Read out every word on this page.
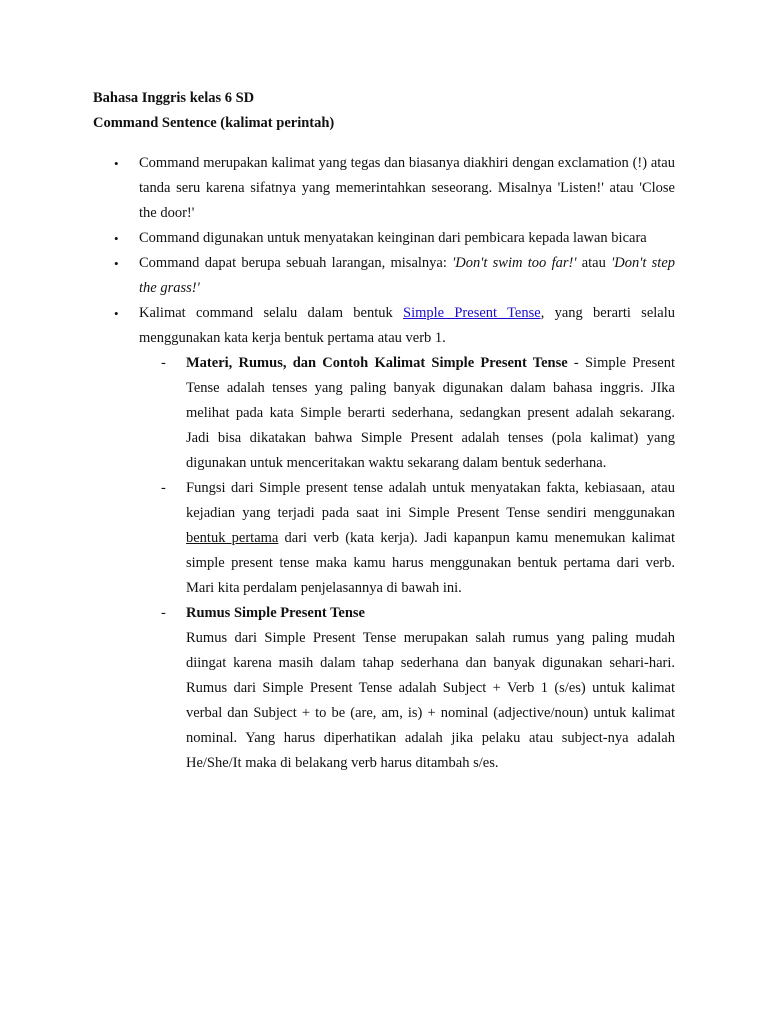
Bahasa Inggris kelas 6 SD
Command Sentence (kalimat perintah)
• Command merupakan kalimat yang tegas dan biasanya diakhiri dengan exclamation (!) atau tanda seru karena sifatnya yang memerintahkan seseorang. Misalnya 'Listen!' atau 'Close the door!'
• Command digunakan untuk menyatakan keinginan dari pembicara kepada lawan bicara
• Command dapat berupa sebuah larangan, misalnya: 'Don't swim too far!' atau 'Don't step the grass!'
• Kalimat command selalu dalam bentuk Simple Present Tense, yang berarti selalu menggunakan kata kerja bentuk pertama atau verb 1.
- Materi, Rumus, dan Contoh Kalimat Simple Present Tense - Simple Present Tense adalah tenses yang paling banyak digunakan dalam bahasa inggris. JIka melihat pada kata Simple berarti sederhana, sedangkan present adalah sekarang. Jadi bisa dikatakan bahwa Simple Present adalah tenses (pola kalimat) yang digunakan untuk menceritakan waktu sekarang dalam bentuk sederhana.
- Fungsi dari Simple present tense adalah untuk menyatakan fakta, kebiasaan, atau kejadian yang terjadi pada saat ini Simple Present Tense sendiri menggunakan bentuk pertama dari verb (kata kerja). Jadi kapanpun kamu menemukan kalimat simple present tense maka kamu harus menggunakan bentuk pertama dari verb. Mari kita perdalam penjelasannya di bawah ini.
- Rumus Simple Present Tense
Rumus dari Simple Present Tense merupakan salah rumus yang paling mudah diingat karena masih dalam tahap sederhana dan banyak digunakan sehari-hari. Rumus dari Simple Present Tense adalah Subject + Verb 1 (s/es) untuk kalimat verbal dan Subject + to be (are, am, is) + nominal (adjective/noun) untuk kalimat nominal. Yang harus diperhatikan adalah jika pelaku atau subject-nya adalah He/She/It maka di belakang verb harus ditambah s/es.
